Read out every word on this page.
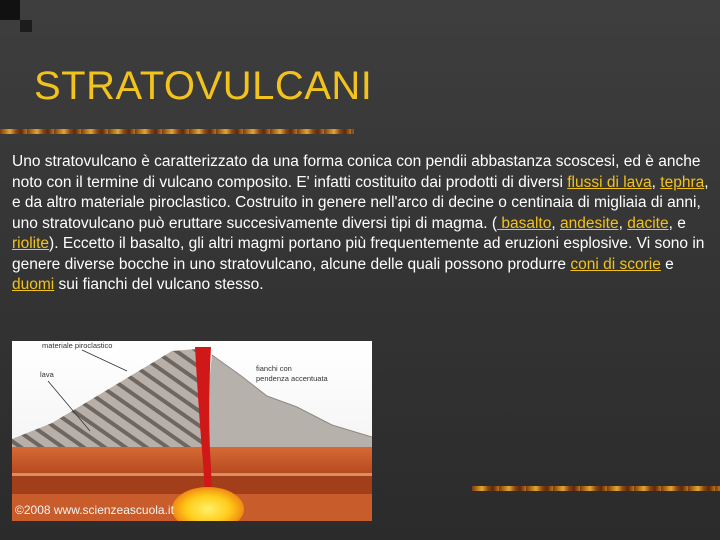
STRATOVULCANI
Uno stratovulcano è caratterizzato da una forma conica con pendii abbastanza scoscesi, ed è anche noto con il termine di vulcano composito. E' infatti costituito dai prodotti di diversi flussi di lava, tephra, e da altro materiale piroclastico. Costruito in genere nell'arco di decine o centinaia di migliaia di anni, uno stratovulcano può eruttare succesivamente diversi tipi di magma. ( basalto, andesite, dacite, e riolite). Eccetto il basalto, gli altri magmi portano più frequentemente ad eruzioni esplosive. Vi sono in genere diverse bocche in uno stratovulcano, alcune delle quali possono produrre coni di scorie e duomi sui fianchi del vulcano stesso.
materiale piroclastico
lava
fianchi con
pendenza accentuata
©2008 www.scienzeascuola.it
